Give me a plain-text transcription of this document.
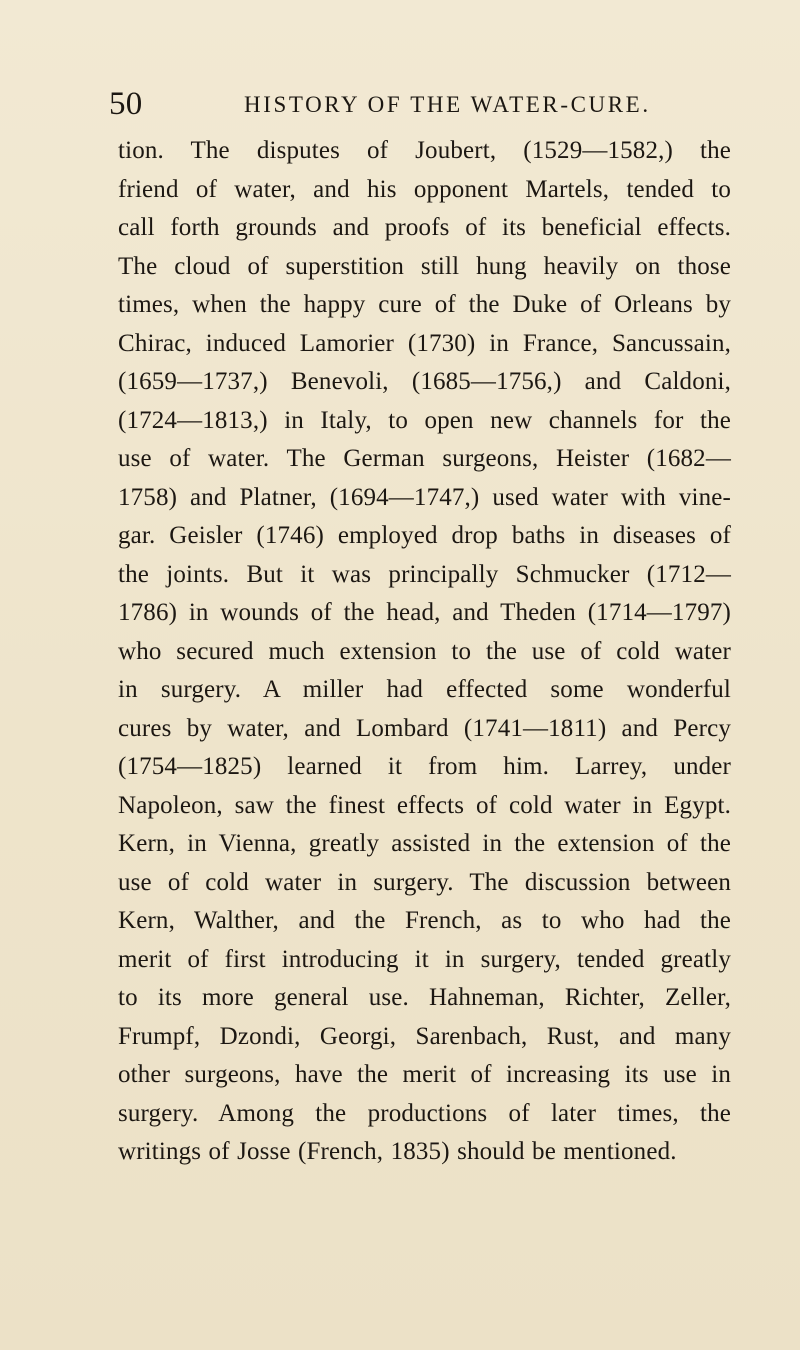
50	HISTORY OF THE WATER-CURE.
tion. The disputes of Joubert, (1529—1582,) the
friend of water, and his opponent Martels, tended to
call forth grounds and proofs of its beneficial effects.
The cloud of superstition still hung heavily on those
times, when the happy cure of the Duke of Orleans by
Chirac, induced Lamorier (1730) in France, Sancussain,
(1659—1737,) Benevoli, (1685—1756,) and Caldoni,
(1724—1813,) in Italy, to open new channels for the
use of water. The German surgeons, Heister (1682—
1758) and Platner, (1694—1747,) used water with vine-
gar. Geisler (1746) employed drop baths in diseases of
the joints. But it was principally Schmucker (1712—
1786) in wounds of the head, and Theden (1714—1797)
who secured much extension to the use of cold water
in surgery. A miller had effected some wonderful
cures by water, and Lombard (1741—1811) and Percy
(1754—1825) learned it from him. Larrey, under
Napoleon, saw the finest effects of cold water in Egypt.
Kern, in Vienna, greatly assisted in the extension of the
use of cold water in surgery. The discussion between
Kern, Walther, and the French, as to who had the
merit of first introducing it in surgery, tended greatly
to its more general use. Hahneman, Richter, Zeller,
Frumpf, Dzondi, Georgi, Sarenbach, Rust, and many
other surgeons, have the merit of increasing its use in
surgery. Among the productions of later times, the
writings of Josse (French, 1835) should be mentioned.
